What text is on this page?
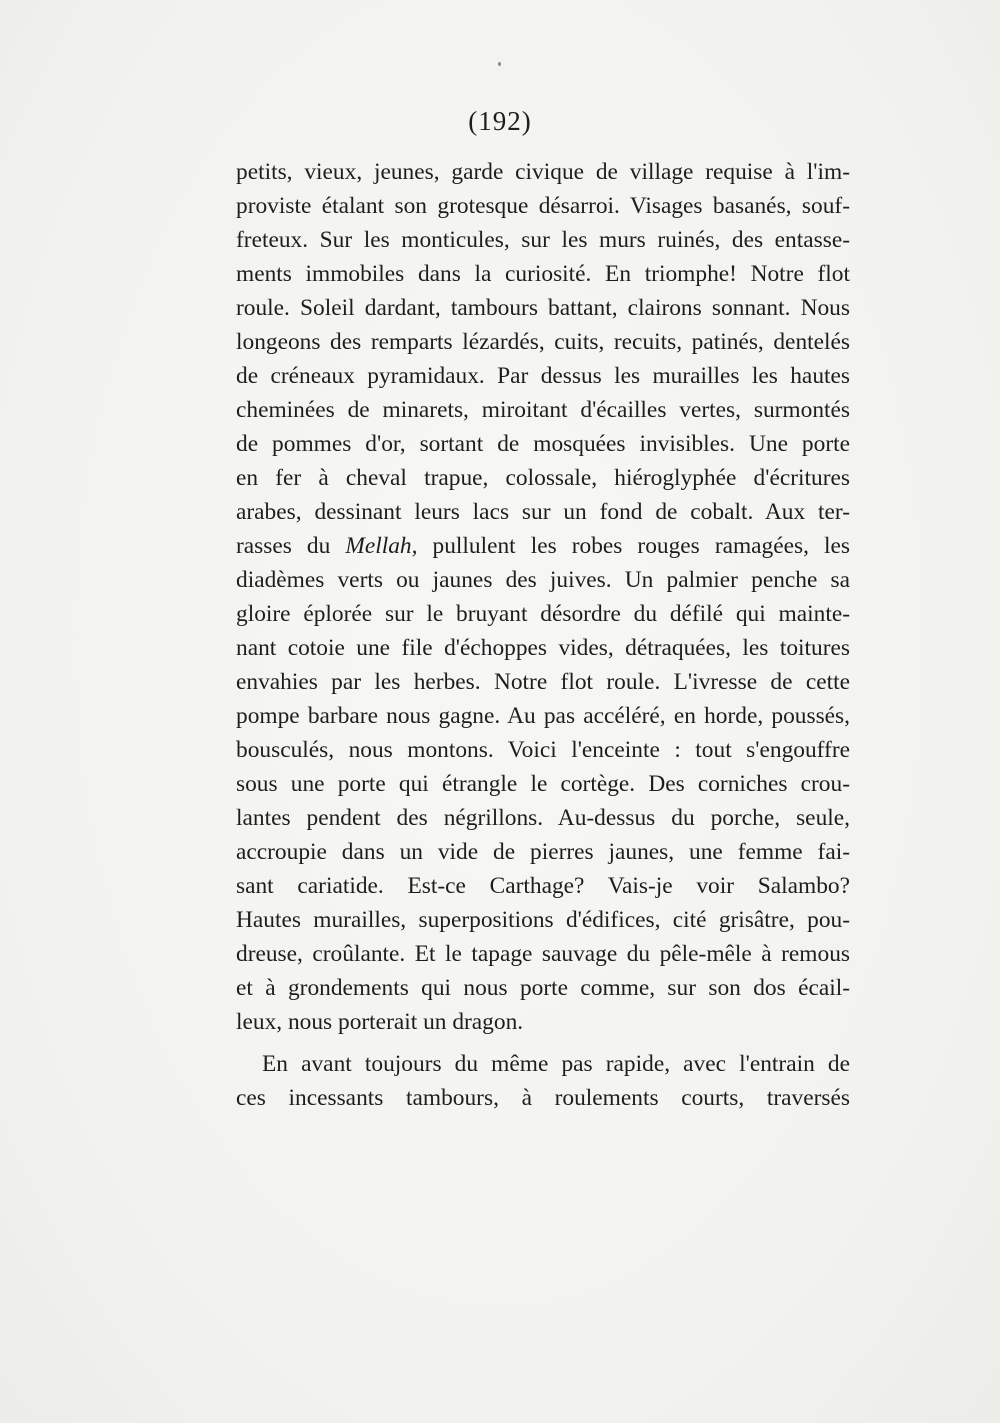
(192)
petits, vieux, jeunes, garde civique de village requise à l'im-
proviste étalant son grotesque désarroi. Visages basanés, souf-
freteux. Sur les monticules, sur les murs ruinés, des entasse-
ments immobiles dans la curiosité. En triomphe! Notre flot
roule. Soleil dardant, tambours battant, clairons sonnant. Nous
longeons des remparts lézardés, cuits, recuits, patinés, dentelés
de créneaux pyramidaux. Par dessus les murailles les hautes
cheminées de minarets, miroitant d'écailles vertes, surmontés
de pommes d'or, sortant de mosquées invisibles. Une porte
en fer à cheval trapue, colossale, hiéroglyphée d'écritures
arabes, dessinant leurs lacs sur un fond de cobalt. Aux ter-
rasses du Mellah, pullulent les robes rouges ramagées, les
diadèmes verts ou jaunes des juives. Un palmier penche sa
gloire éplorée sur le bruyant désordre du défilé qui mainte-
nant cotoie une file d'échoppes vides, détraquées, les toitures
envahies par les herbes. Notre flot roule. L'ivresse de cette
pompe barbare nous gagne. Au pas accéléré, en horde, poussés,
bousculés, nous montons. Voici l'enceinte : tout s'engouffre
sous une porte qui étrangle le cortège. Des corniches crou-
lantes pendent des négrillons. Au-dessus du porche, seule,
accroupie dans un vide de pierres jaunes, une femme fai-
sant cariatide. Est-ce Carthage? Vais-je voir Salambo?
Hautes murailles, superpositions d'édifices, cité grisâtre, pou-
dreuse, croûlante. Et le tapage sauvage du pêle-mêle à remous
et à grondements qui nous porte comme, sur son dos écail-
leux, nous porterait un dragon.
En avant toujours du même pas rapide, avec l'entrain de
ces incessants tambours, à roulements courts, traversés
